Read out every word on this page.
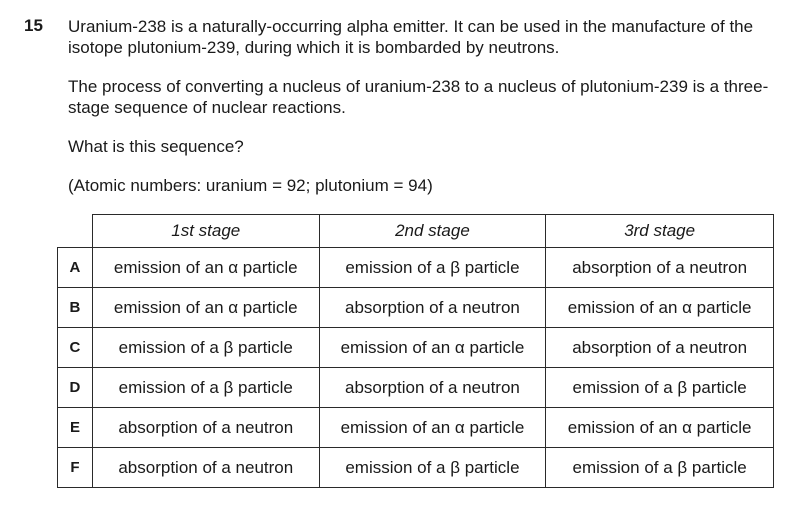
15 Uranium-238 is a naturally-occurring alpha emitter. It can be used in the manufacture of the isotope plutonium-239, during which it is bombarded by neutrons.

The process of converting a nucleus of uranium-238 to a nucleus of plutonium-239 is a three-stage sequence of nuclear reactions.

What is this sequence?

(Atomic numbers: uranium = 92; plutonium = 94)

	1st stage	2nd stage	3rd stage
A	emission of an α particle	emission of a β particle	absorption of a neutron
B	emission of an α particle	absorption of a neutron	emission of an α particle
C	emission of a β particle	emission of an α particle	absorption of a neutron
D	emission of a β particle	absorption of a neutron	emission of a β particle
E	absorption of a neutron	emission of an α particle	emission of an α particle
F	absorption of a neutron	emission of a β particle	emission of a β particle
